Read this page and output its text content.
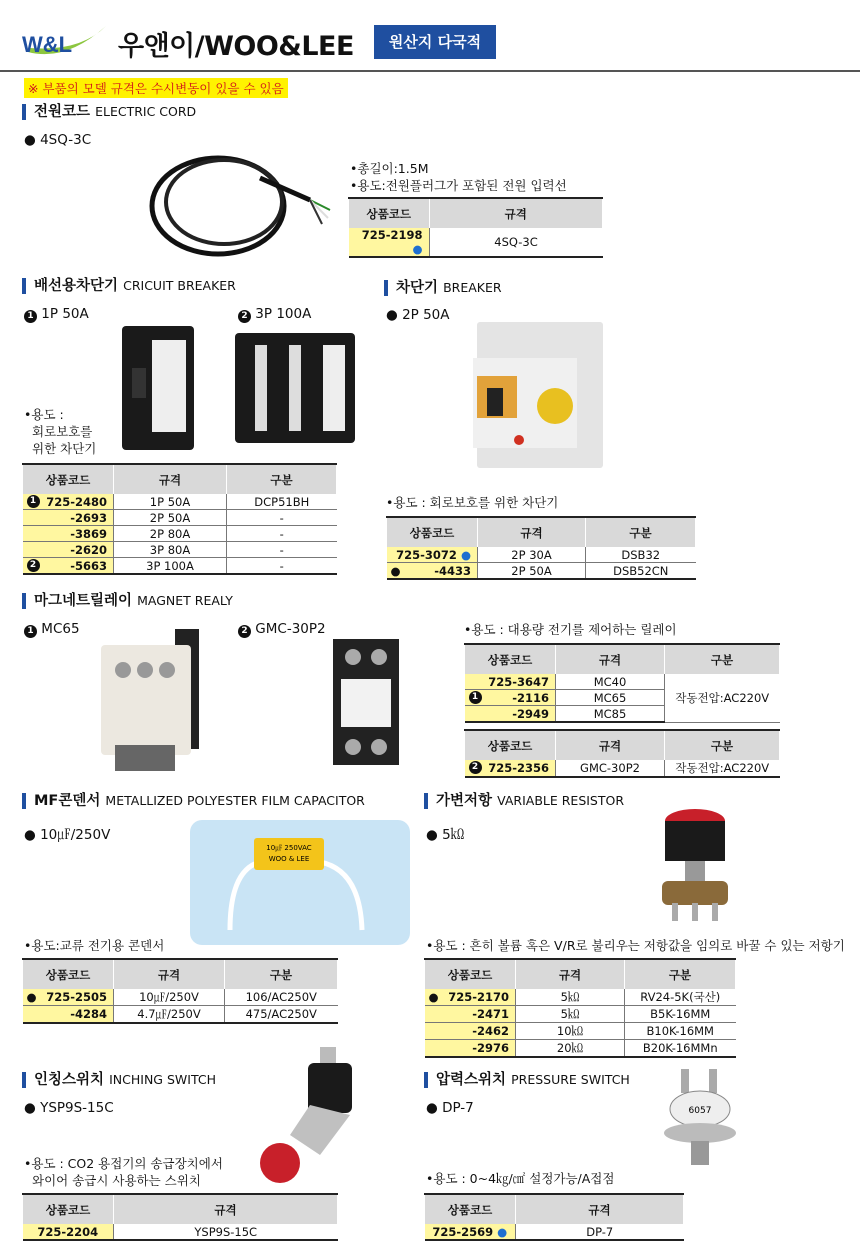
W&L 우앤이/WOO&LEE	원산지 다국적
※ 부품의 모델 규격은 수시변동이 있을 수 있음
전원코드 ELECTRIC CORD
● 4SQ-3C
•총길이:1.5M
•용도:전원플러그가 포함된 전원 입력선
상품코드	규격
725-2198 ●	4SQ-3C
배선용차단기 CRICUIT BREAKER
1 1P 50A	2 3P 100A
•용도 :
회로보호를
위한 차단기
상품코드	규격	구분

1 725-2480	1P 50A	DCP51BH
-2693	2P 50A	-
-3869	2P 80A	-
-2620	3P 80A	-

2 -5663	3P 100A	-
차단기 BREAKER
● 2P 50A
•용도 : 회로보호를 위한 차단기
상품코드	규격	구분
725-3072 ●	2P 30A	DSB32

● -4433	2P 50A	DSB52CN
마그네트릴레이 MAGNET REALY
1 MC65	2 GMC-30P2	•용도 : 대용량 전기를 제어하는 릴레이
상품코드	규격	구분
725-3647	MC40	작동전압:AC220V

1 -2116	MC65	
-2949	MC85	
상품코드	규격	구분

2 725-2356	GMC-30P2	작동전압:AC220V
MF콘덴서 METALLIZED POLYESTER FILM CAPACITOR
● 10㎌/250V
10㎌ 250VAC
WOO & LEE
•용도:교류 전기용 콘덴서
상품코드	규격	구분

● 725-2505	10㎌/250V	106/AC250V
-4284	4.7㎌/250V	475/AC250V
가변저항 VARIABLE RESISTOR
● 5㏀
•용도 : 흔히 볼륨 혹은 V/R로 불리우는 저항값을 임의로 바꿀 수 있는 저항기
상품코드	규격	구분

● 725-2170	5㏀	RV24-5K(국산)
-2471	5㏀	B5K-16MM
-2462	10㏀	B10K-16MM
-2976	20㏀	B20K-16MMn
인칭스위치 INCHING SWITCH
● YSP9S-15C
•용도 : CO2 용접기의 송급장치에서
와이어 송급시 사용하는 스위치
상품코드	규격
725-2204	YSP9S-15C
압력스위치 PRESSURE SWITCH
● DP-7	6057
•용도 : 0~4㎏/㎠ 설정가능/A접점
상품코드	규격
725-2569 ●	DP-7
